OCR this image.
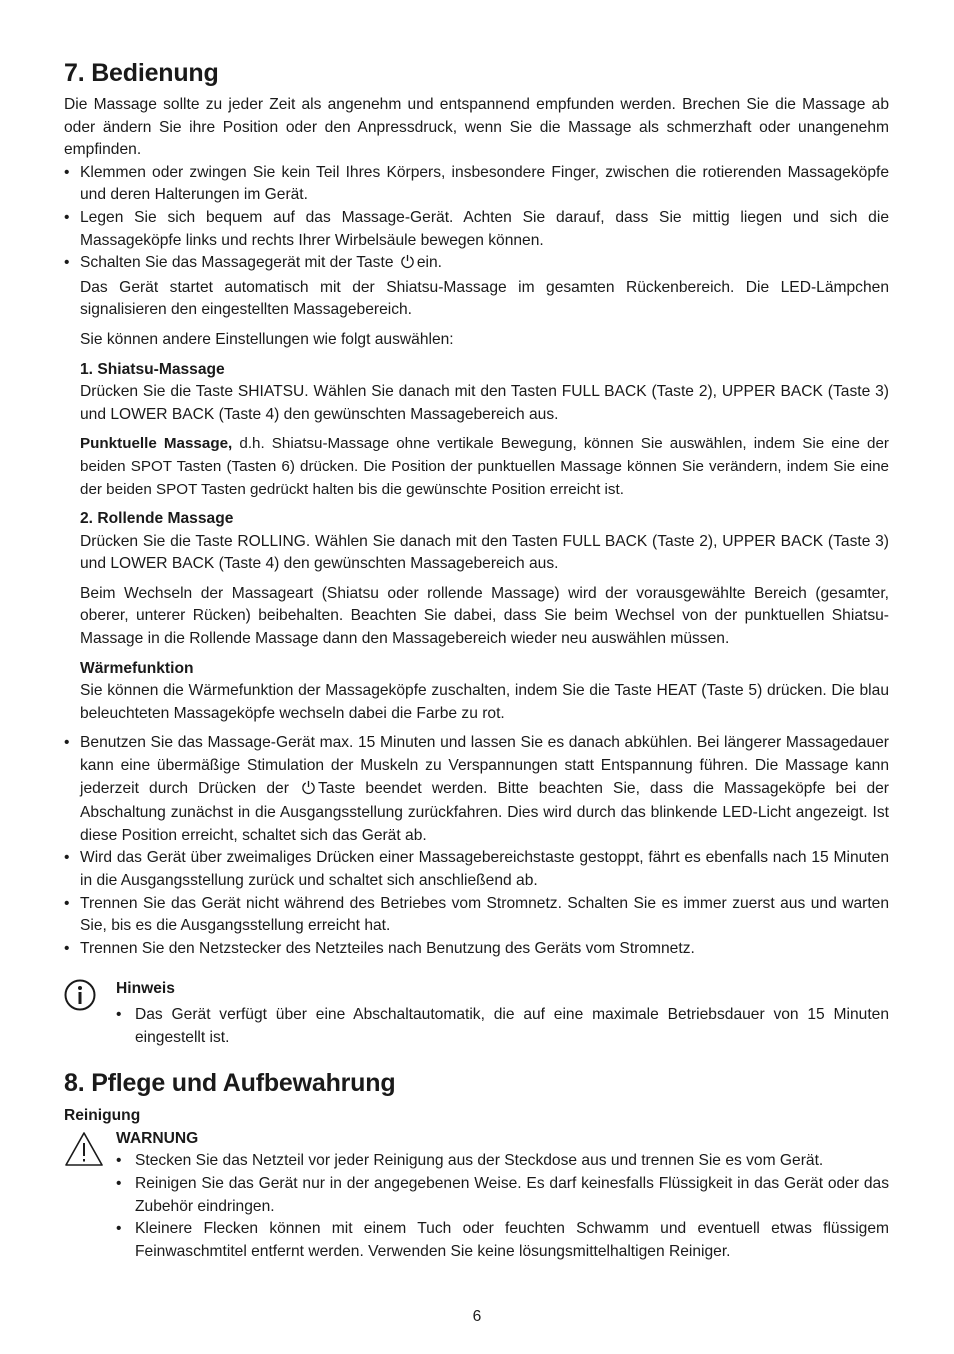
7. Bedienung

Die Massage sollte zu jeder Zeit als angenehm und entspannend empfunden werden. Brechen Sie die Massage ab oder ändern Sie ihre Position oder den Anpressdruck, wenn Sie die Massage als schmerzhaft oder unangenehm empfinden.

• Klemmen oder zwingen Sie kein Teil Ihres Körpers, insbesondere Finger, zwischen die rotierenden Massageköpfe und deren Halterungen im Gerät.
• Legen Sie sich bequem auf das Massage-Gerät. Achten Sie darauf, dass Sie mittig liegen und sich die Massageköpfe links und rechts Ihrer Wirbelsäule bewegen können.
• Schalten Sie das Massagegerät mit der Taste ein.
Das Gerät startet automatisch mit der Shiatsu-Massage im gesamten Rückenbereich. Die LED-Lämpchen signalisieren den eingestellten Massagebereich.

Sie können andere Einstellungen wie folgt auswählen:

1. Shiatsu-Massage

Drücken Sie die Taste SHIATSU. Wählen Sie danach mit den Tasten FULL BACK (Taste 2), UPPER BACK (Taste 3) und LOWER BACK (Taste 4) den gewünschten Massagebereich aus.

Punktuelle Massage, d.h. Shiatsu-Massage ohne vertikale Bewegung, können Sie auswählen, indem Sie eine der beiden SPOT Tasten (Tasten 6) drücken. Die Position der punktuellen Massage können Sie verändern, indem Sie eine der beiden SPOT Tasten gedrückt halten bis die gewünschte Position erreicht ist.

2. Rollende Massage

Drücken Sie die Taste ROLLING. Wählen Sie danach mit den Tasten FULL BACK (Taste 2), UPPER BACK (Taste 3) und LOWER BACK (Taste 4) den gewünschten Massagebereich aus.

Beim Wechseln der Massageart (Shiatsu oder rollende Massage) wird der vorausgewählte Bereich (gesamter, oberer, unterer Rücken) beibehalten. Beachten Sie dabei, dass Sie beim Wechsel von der punktuellen Shiatsu-Massage in die Rollende Massage dann den Massagebereich wieder neu auswählen müssen.

Wärmefunktion

Sie können die Wärmefunktion der Massageköpfe zuschalten, indem Sie die Taste HEAT (Taste 5) drücken. Die blau beleuchteten Massageköpfe wechseln dabei die Farbe zu rot.

• Benutzen Sie das Massage-Gerät max. 15 Minuten und lassen Sie es danach abkühlen. Bei längerer Massagedauer kann eine übermäßige Stimulation der Muskeln zu Verspannungen statt Entspannung führen. Die Massage kann jederzeit durch Drücken der Taste beendet werden. Bitte beachten Sie, dass die Massageköpfe bei der Abschaltung zunächst in die Ausgangsstellung zurückfahren. Dies wird durch das blinkende LED-Licht angezeigt. Ist diese Position erreicht, schaltet sich das Gerät ab.
• Wird das Gerät über zweimaliges Drücken einer Massagebereichstaste gestoppt, fährt es ebenfalls nach 15 Minuten in die Ausgangsstellung zurück und schaltet sich anschließend ab.
• Trennen Sie das Gerät nicht während des Betriebes vom Stromnetz. Schalten Sie es immer zuerst aus und warten Sie, bis es die Ausgangsstellung erreicht hat.
• Trennen Sie den Netzstecker des Netzteiles nach Benutzung des Geräts vom Stromnetz.
Hinweis
• Das Gerät verfügt über eine Abschaltautomatik, die auf eine maximale Betriebsdauer von 15 Minuten eingestellt ist.
8. Pflege und Aufbewahrung
Reinigung
WARNUNG
• Stecken Sie das Netzteil vor jeder Reinigung aus der Steckdose aus und trennen Sie es vom Gerät.
• Reinigen Sie das Gerät nur in der angegebenen Weise. Es darf keinesfalls Flüssigkeit in das Gerät oder das Zubehör eindringen.
• Kleinere Flecken können mit einem Tuch oder feuchten Schwamm und eventuell etwas flüssigem Feinwaschmtitel entfernt werden. Verwenden Sie keine lösungsmittelhaltigen Reiniger.
6
